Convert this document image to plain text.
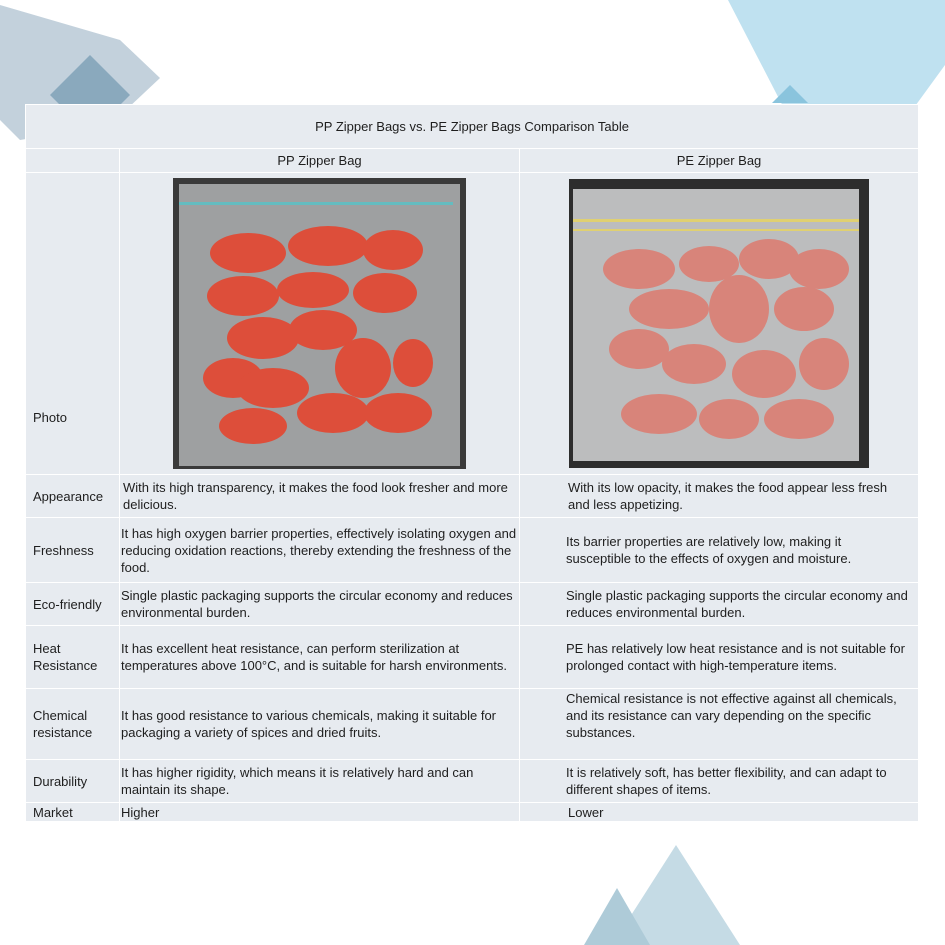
PP Zipper Bags vs. PE Zipper Bags Comparison Table		
	PP Zipper Bag	PE Zipper Bag
Photo		
Appearance	With its high transparency, it makes the food look fresher and more delicious.	With its low opacity, it makes the food appear less fresh and less appetizing.
Freshness	It has high oxygen barrier properties, effectively isolating oxygen and reducing oxidation reactions, thereby extending the freshness of the food.	Its barrier properties are relatively low, making it susceptible to the effects of oxygen and moisture.
Eco-friendly	Single plastic packaging supports the circular economy and reduces environmental burden.	Single plastic packaging supports the circular economy and reduces environmental burden.
Heat Resistance	It has excellent heat resistance, can perform sterilization at temperatures above 100°C, and is suitable for harsh environments.	PE has relatively low heat resistance and is not suitable for prolonged contact with high-temperature items.
Chemical resistance	It has good resistance to various chemicals, making it suitable for packaging a variety of spices and dried fruits.	Chemical resistance is not effective against all chemicals, and its resistance can vary depending on the specific substances.
Durability	It has higher rigidity, which means it is relatively hard and can maintain its shape.	It is relatively soft, has better flexibility, and can adapt to different shapes of items.
Market	Higher	Lower
